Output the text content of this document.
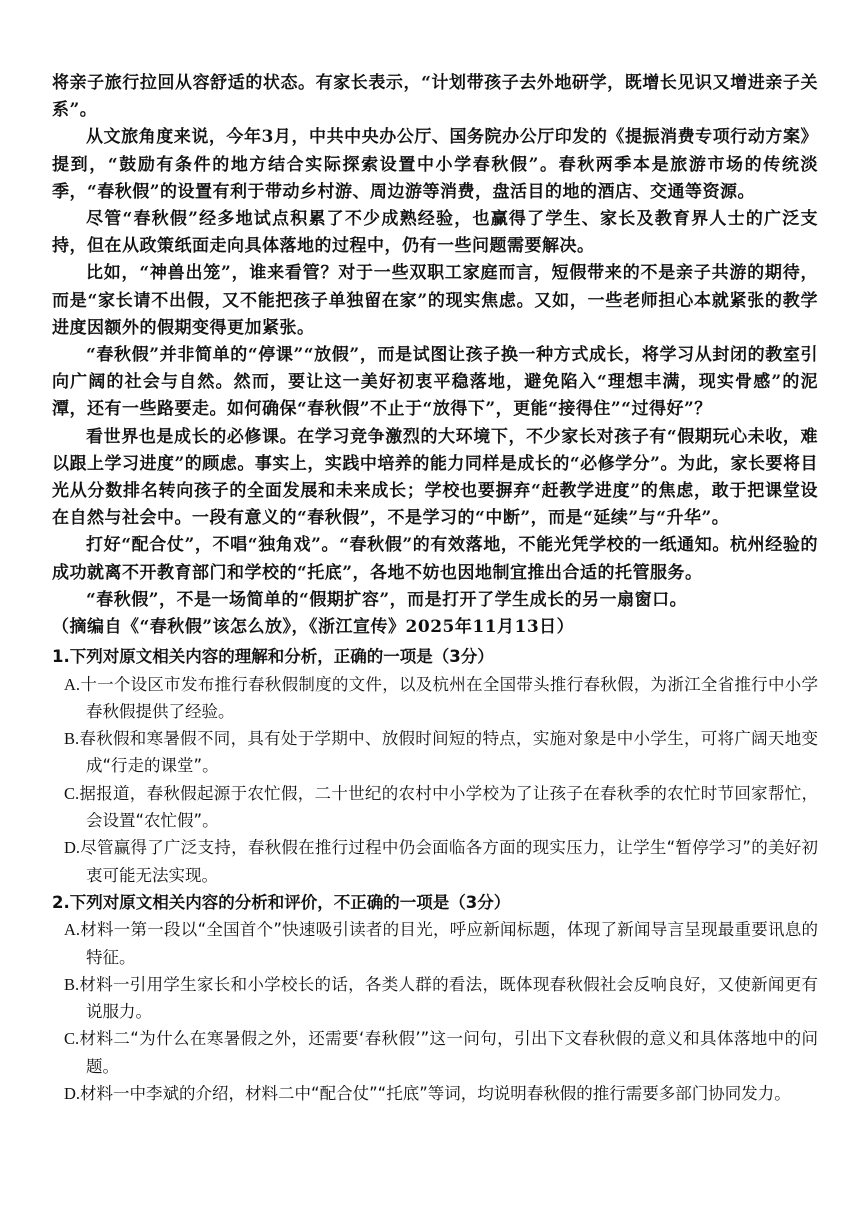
将亲子旅行拉回从容舒适的状态。有家长表示，“计划带孩子去外地研学，既增长见识又增进亲子关系”。

从文旅角度来说，今年3月，中共中央办公厅、国务院办公厅印发的《提振消费专项行动方案》提到，“鼓励有条件的地方结合实际探索设置中小学春秋假”。春秋两季本是旅游市场的传统淡季，“春秋假”的设置有利于带动乡村游、周边游等消费，盘活目的地的酒店、交通等资源。

尽管“春秋假”经多地试点积累了不少成熟经验，也赢得了学生、家长及教育界人士的广泛支持，但在从政策纸面走向具体落地的过程中，仍有一些问题需要解决。

比如，“神兽出笼”，谁来看管？对于一些双职工家庭而言，短假带来的不是亲子共游的期待，而是“家长请不出假，又不能把孩子单独留在家”的现实焦虑。又如，一些老师担心本就紧张的教学进度因额外的假期变得更加紧张。

“春秋假”并非简单的“停课”“放假”，而是试图让孩子换一种方式成长，将学习从封闭的教室引向广阔的社会与自然。然而，要让这一美好初衷平稳落地，避免陷入“理想丰满，现实骨感”的泥潭，还有一些路要走。如何确保“春秋假”不止于“放得下”，更能“接得住”“过得好”？

看世界也是成长的必修课。在学习竞争激烈的大环境下，不少家长对孩子有“假期玩心未收，难以跟上学习进度”的顾虑。事实上，实践中培养的能力同样是成长的“必修学分”。为此，家长要将目光从分数排名转向孩子的全面发展和未来成长；学校也要摒弃“赶教学进度”的焦虑，敢于把课堂设在自然与社会中。一段有意义的“春秋假”，不是学习的“中断”，而是“延续”与“升华”。

打好“配合仗”，不唱“独角戏”。“春秋假”的有效落地，不能光凭学校的一纸通知。杭州经验的成功就离不开教育部门和学校的“托底”，各地不妨也因地制宜推出合适的托管服务。

“春秋假”，不是一场简单的“假期扩容”，而是打开了学生成长的另一扇窗口。

（摘编自《“春秋假”该怎么放》，《浙江宣传》2025年11月13日）

1.下列对原文相关内容的理解和分析，正确的一项是（3分）

A.十一个设区市发布推行春秋假制度的文件，以及杭州在全国带头推行春秋假，为浙江全省推行中小学春秋假提供了经验。

B.春秋假和寒暑假不同，具有处于学期中、放假时间短的特点，实施对象是中小学生，可将广阔天地变成“行走的课堂”。

C.据报道，春秋假起源于农忙假，二十世纪的农村中小学校为了让孩子在春秋季的农忙时节回家帮忙，会设置“农忙假”。

D.尽管赢得了广泛支持，春秋假在推行过程中仍会面临各方面的现实压力，让学生“暂停学习”的美好初衷可能无法实现。

2.下列对原文相关内容的分析和评价，不正确的一项是（3分）

A.材料一第一段以“全国首个”快速吸引读者的目光，呼应新闻标题，体现了新闻导言呈现最重要讯息的特征。

B.材料一引用学生家长和小学校长的话，各类人群的看法，既体现春秋假社会反响良好，又使新闻更有说服力。

C.材料二“为什么在寒暑假之外，还需要‘春秋假’”这一问句，引出下文春秋假的意义和具体落地中的问题。

D.材料一中李斌的介绍，材料二中“配合仗”“托底”等词，均说明春秋假的推行需要多部门协同发力。
